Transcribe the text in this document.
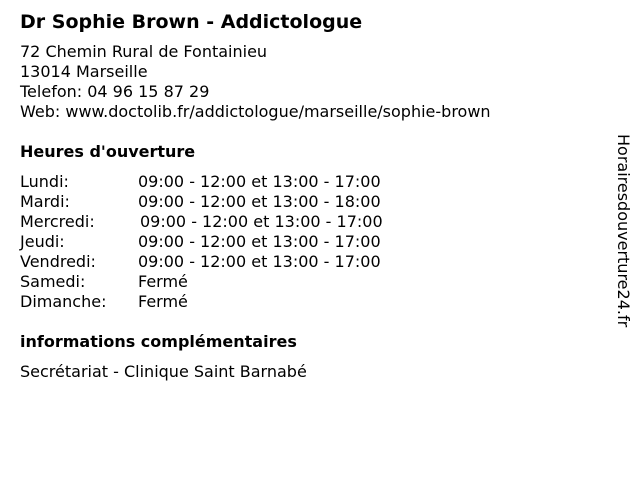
Dr Sophie Brown - Addictologue
72 Chemin Rural de Fontainieu
13014 Marseille
Telefon: 04 96 15 87 29
Web: www.doctolib.fr/addictologue/marseille/sophie-brown
Heures d'ouverture
Lundi:	09:00 - 12:00 et 13:00 - 17:00
Mardi:	09:00 - 12:00 et 13:00 - 18:00
Mercredi:	09:00 - 12:00 et 13:00 - 17:00
Jeudi:	09:00 - 12:00 et 13:00 - 17:00
Vendredi:	09:00 - 12:00 et 13:00 - 17:00
Samedi:	Fermé
Dimanche:	Fermé
informations complémentaires
Secrétariat - Clinique Saint Barnabé
Horairesdouverture24.fr
